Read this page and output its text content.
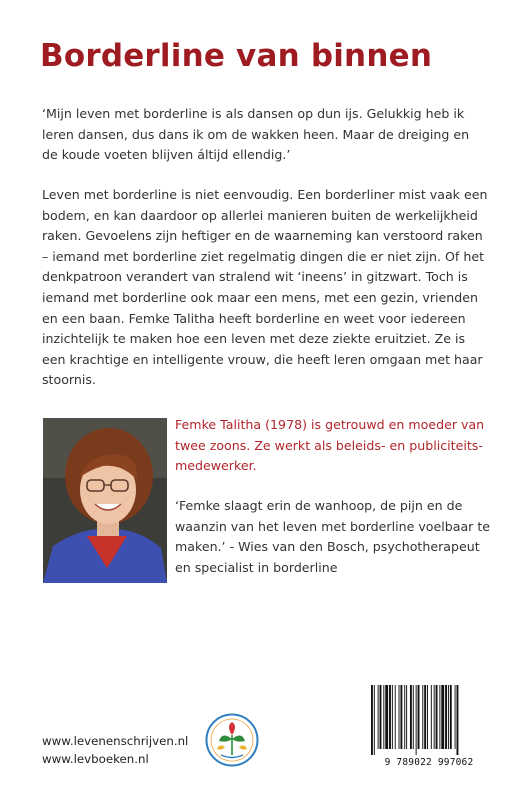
Borderline van binnen

‘Mijn leven met borderline is als dansen op dun ijs. Gelukkig heb ik leren dansen, dus dans ik om de wakken heen. Maar de dreiging en de koude voeten blijven áltijd ellendig.’

Leven met borderline is niet eenvoudig. Een borderliner mist vaak een bodem, en kan daardoor op allerlei manieren buiten de werkelijkheid raken. Gevoelens zijn heftiger en de waarneming kan verstoord raken – iemand met borderline ziet regelmatig dingen die er niet zijn. Of het denkpatroon verandert van stralend wit ‘ineens’ in gitzwart. Toch is iemand met borderline ook maar een mens, met een gezin, vrienden en een baan. Femke Talitha heeft borderline en weet voor iedereen inzichtelijk te maken hoe een leven met deze ziekte eruitziet. Ze is een krachtige en intelligente vrouw, die heeft leren omgaan met haar stoornis.

Femke Talitha (1978) is getrouwd en moeder van twee zoons. Ze werkt als beleids- en publiciteits-medewerker.

‘Femke slaagt erin de wanhoop, de pijn en de waanzin van het leven met borderline voelbaar te maken.’ - Wies van den Bosch, psychotherapeut en specialist in borderline

www.levenenschrijven.nl
www.levboeken.nl	9 789022 997062
